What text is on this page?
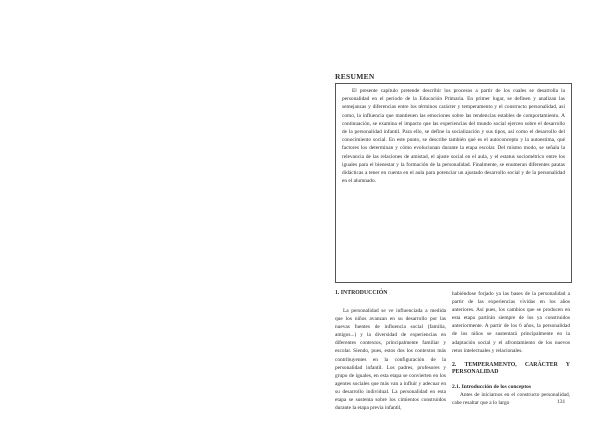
RESUMEN

El presente capítulo pretende describir los procesos a partir de los cuales se desarrolla la personalidad en el período de la Educación Primaria. En primer lugar, se definen y analizan las semejanzas y diferencias entre los términos carácter y temperamento y el constructo personalidad, así como, la influencia que mantienen las emociones sobre las tendencias estables de comportamiento. A continuación, se examina el impacto que las experiencias del mundo social ejercen sobre el desarrollo de la personalidad infantil. Para ello, se define la socialización y sus tipos, así como el desarrollo del conocimiento social. En este punto, se describe también qué es el autoconcepto y la autoestima, qué factores los determinan y cómo evolucionan durante la etapa escolar. Del mismo modo, se señala la relevancia de las relaciones de amistad, el ajuste social en el aula, y el estatus sociométrico entre los iguales para el bienestar y la formación de la personalidad. Finalmente, se enumeran diferentes pautas didácticas a tener en cuenta en el aula para potenciar un ajustado desarrollo social y de la personalidad en el alumnado.

1. INTRODUCCIÓN

La personalidad se ve influenciada a medida que los niños avanzan en su desarrollo por las nuevas fuentes de influencia social (familia, amigos...) y la diversidad de experiencias en diferentes contextos, principalmente familiar y escolar. Siendo, pues, estos dos los contextos más contribuyentes en la configuración de la personalidad infantil. Los padres, profesores y grupo de iguales, en esta etapa se convierten en los agentes sociales que más van a influir y adecuar en su desarrollo individual. La personalidad en esta etapa se sustenta sobre los cimientos construidos durante la etapa previa infantil,

habiéndose forjado ya las bases de la personalidad a partir de las experiencias vividas en los años anteriores. Así pues, los cambios que se producen en esta etapa partirán siempre de los ya construidos anteriormente. A partir de los 6 años, la personalidad de los niños se sustentará principalmente en la adaptación social y el afrontamiento de los nuevos retos intelectuales y relacionales.

2. TEMPERAMENTO, CARÁCTER Y PERSONALIDAD
2.1. Introducción de los conceptos

Antes de iniciarnos en el constructo personalidad, cabe resaltar que a lo largo	131
